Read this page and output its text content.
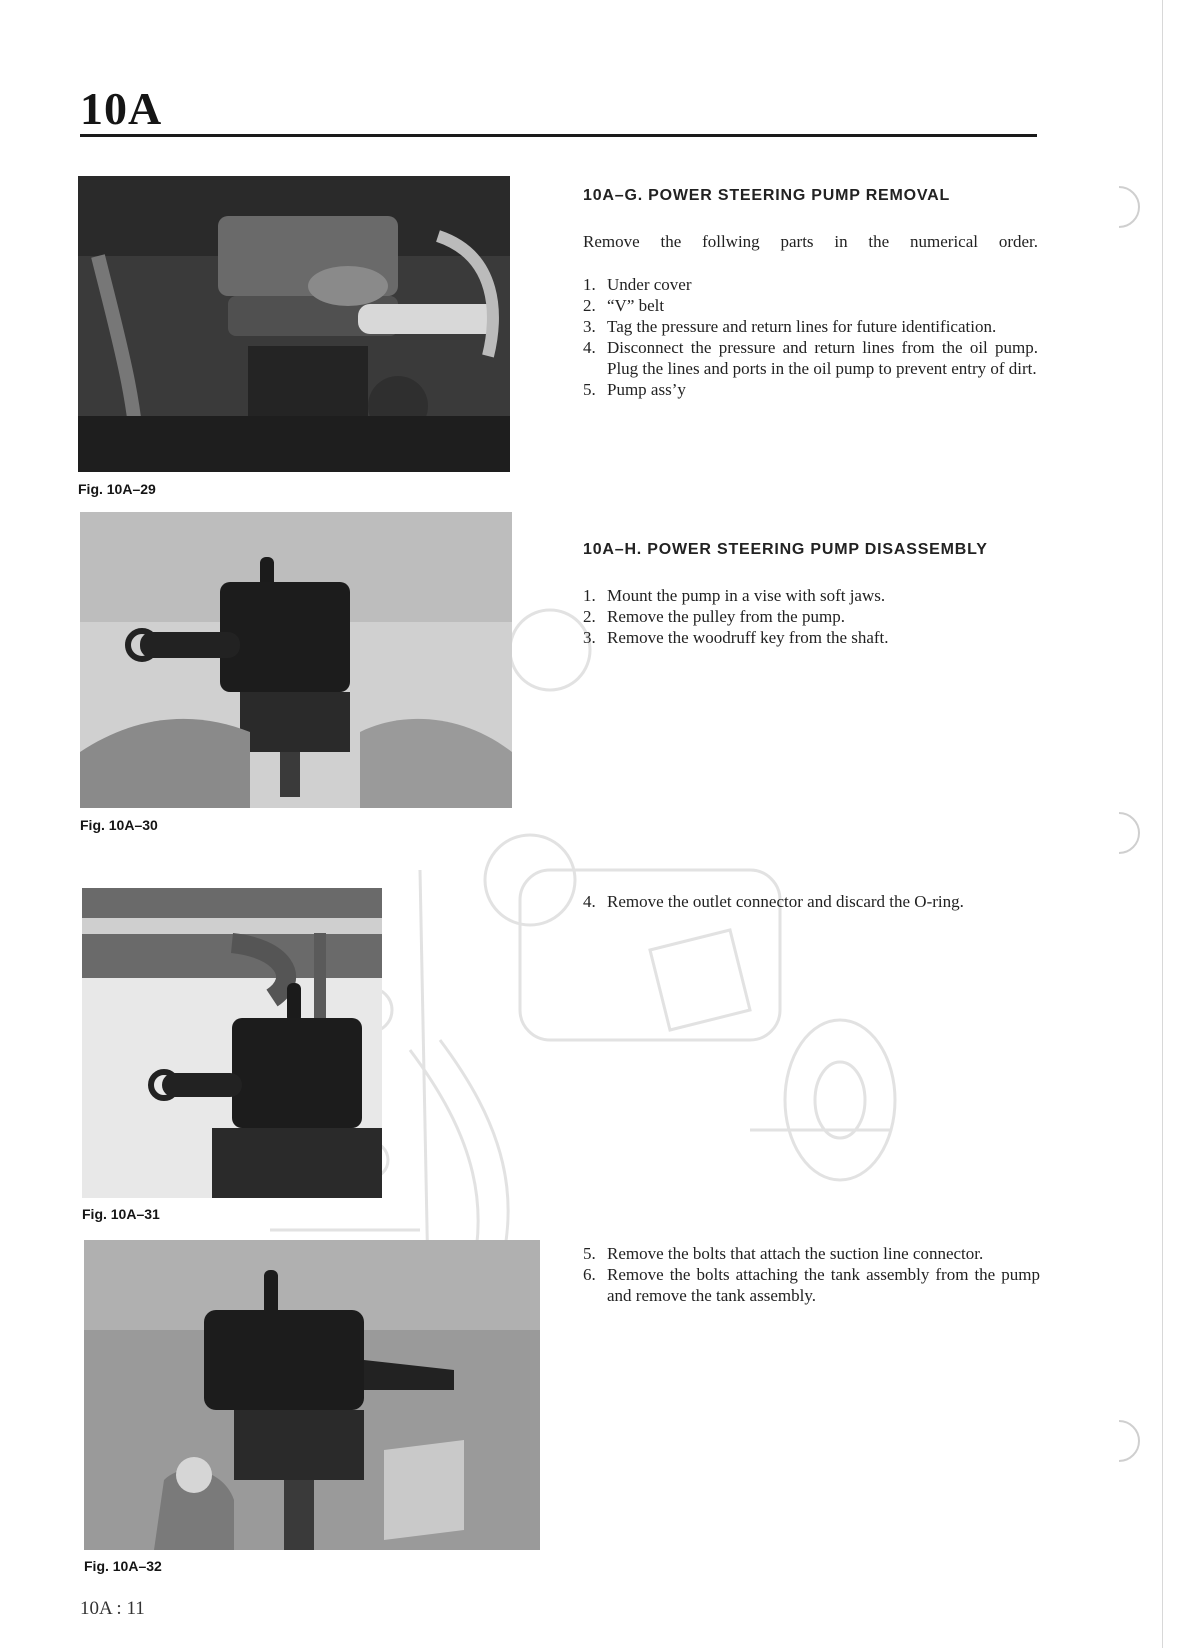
10A
Fig. 10A–29
Fig. 10A–30
Fig. 10A–31
Fig. 10A–32
10A–G. POWER STEERING PUMP REMOVAL
Remove the follwing parts in the numerical order.
1. Under cover
2. “V” belt
3. Tag the pressure and return lines for future identification.
4. Disconnect the pressure and return lines from the oil pump. Plug the lines and ports in the oil pump to prevent entry of dirt.
5. Pump ass’y
10A–H. POWER STEERING PUMP DISASSEMBLY
1. Mount the pump in a vise with soft jaws.
2. Remove the pulley from the pump.
3. Remove the woodruff key from the shaft.
4. Remove the outlet connector and discard the O-ring.
5. Remove the bolts that attach the suction line connector.
6. Remove the bolts attaching the tank assembly from the pump and remove the tank assembly.
10A : 11
